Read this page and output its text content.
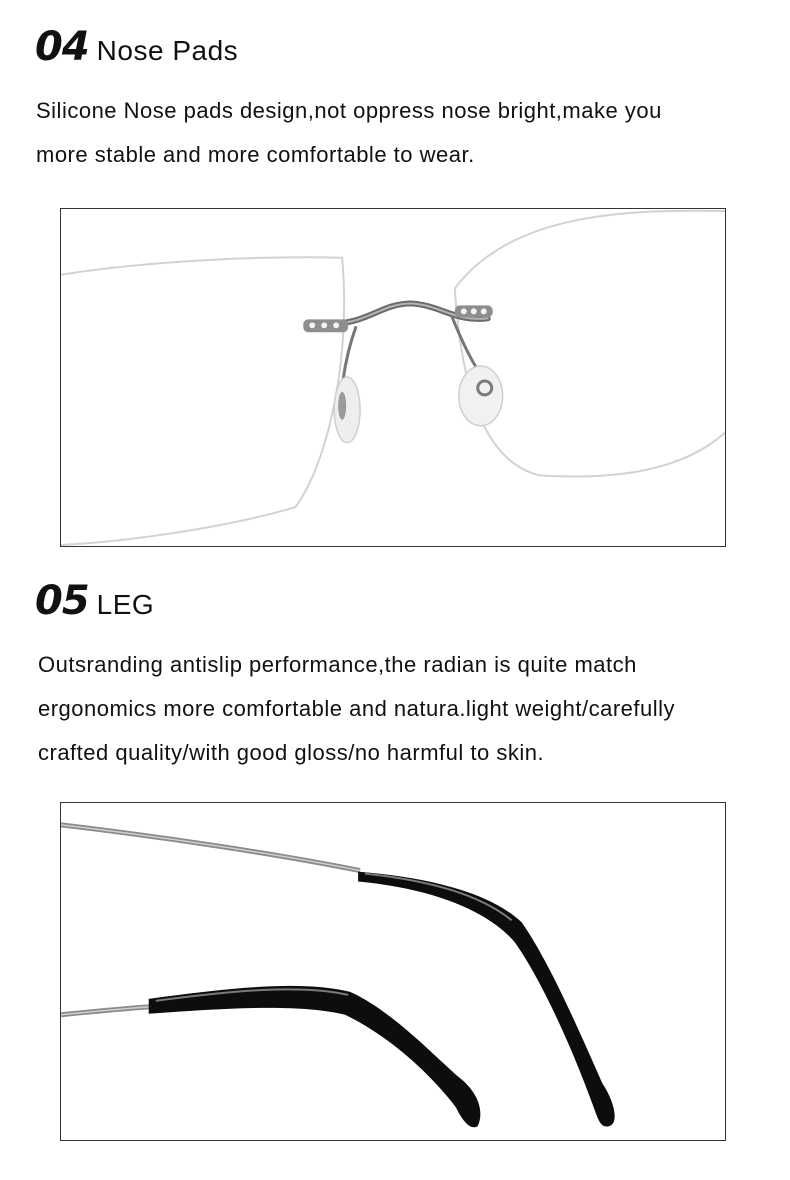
04 Nose Pads
Silicone Nose pads design,not oppress nose bright,make you
more stable and more comfortable to wear.
05 LEG
Outsranding antislip performance,the radian is quite match
ergonomics more comfortable and natura.light weight/carefully
crafted quality/with good gloss/no harmful to skin.
